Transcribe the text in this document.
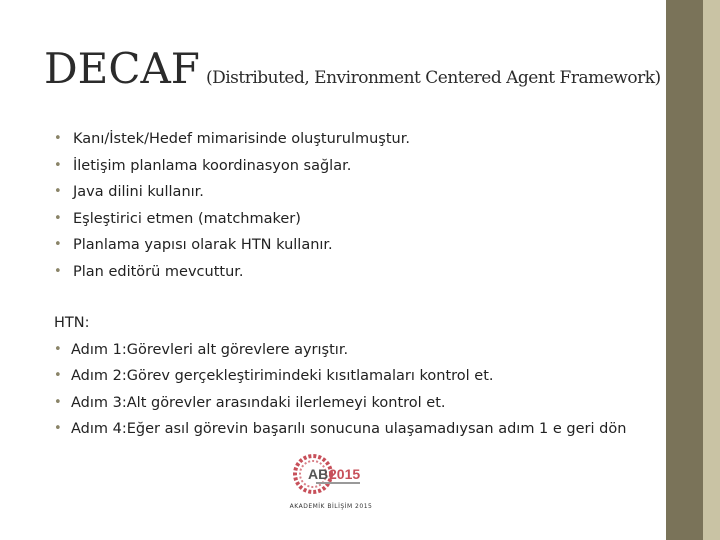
DECAF (Distributed, Environment Centered Agent Framework)
• Kanı/İstek/Hedef mimarisinde oluşturulmuştur.
• İletişim planlama koordinasyon sağlar.
• Java dilini kullanır.
• Eşleştirici etmen (matchmaker)
• Planlama yapısı olarak HTN kullanır.
• Plan editörü mevcuttur.
HTN:
• Adım 1:Görevleri alt görevlere ayrıştır.
• Adım 2:Görev gerçekleştirimindeki kısıtlamaları kontrol et.
• Adım 3:Alt görevler arasındaki ilerlemeyi kontrol et.
• Adım 4:Eğer asıl görevin başarılı sonucuna ulaşamadıysan adım 1 e geri dön
AB 2015
AKADEMİK BİLİŞİM 2015
